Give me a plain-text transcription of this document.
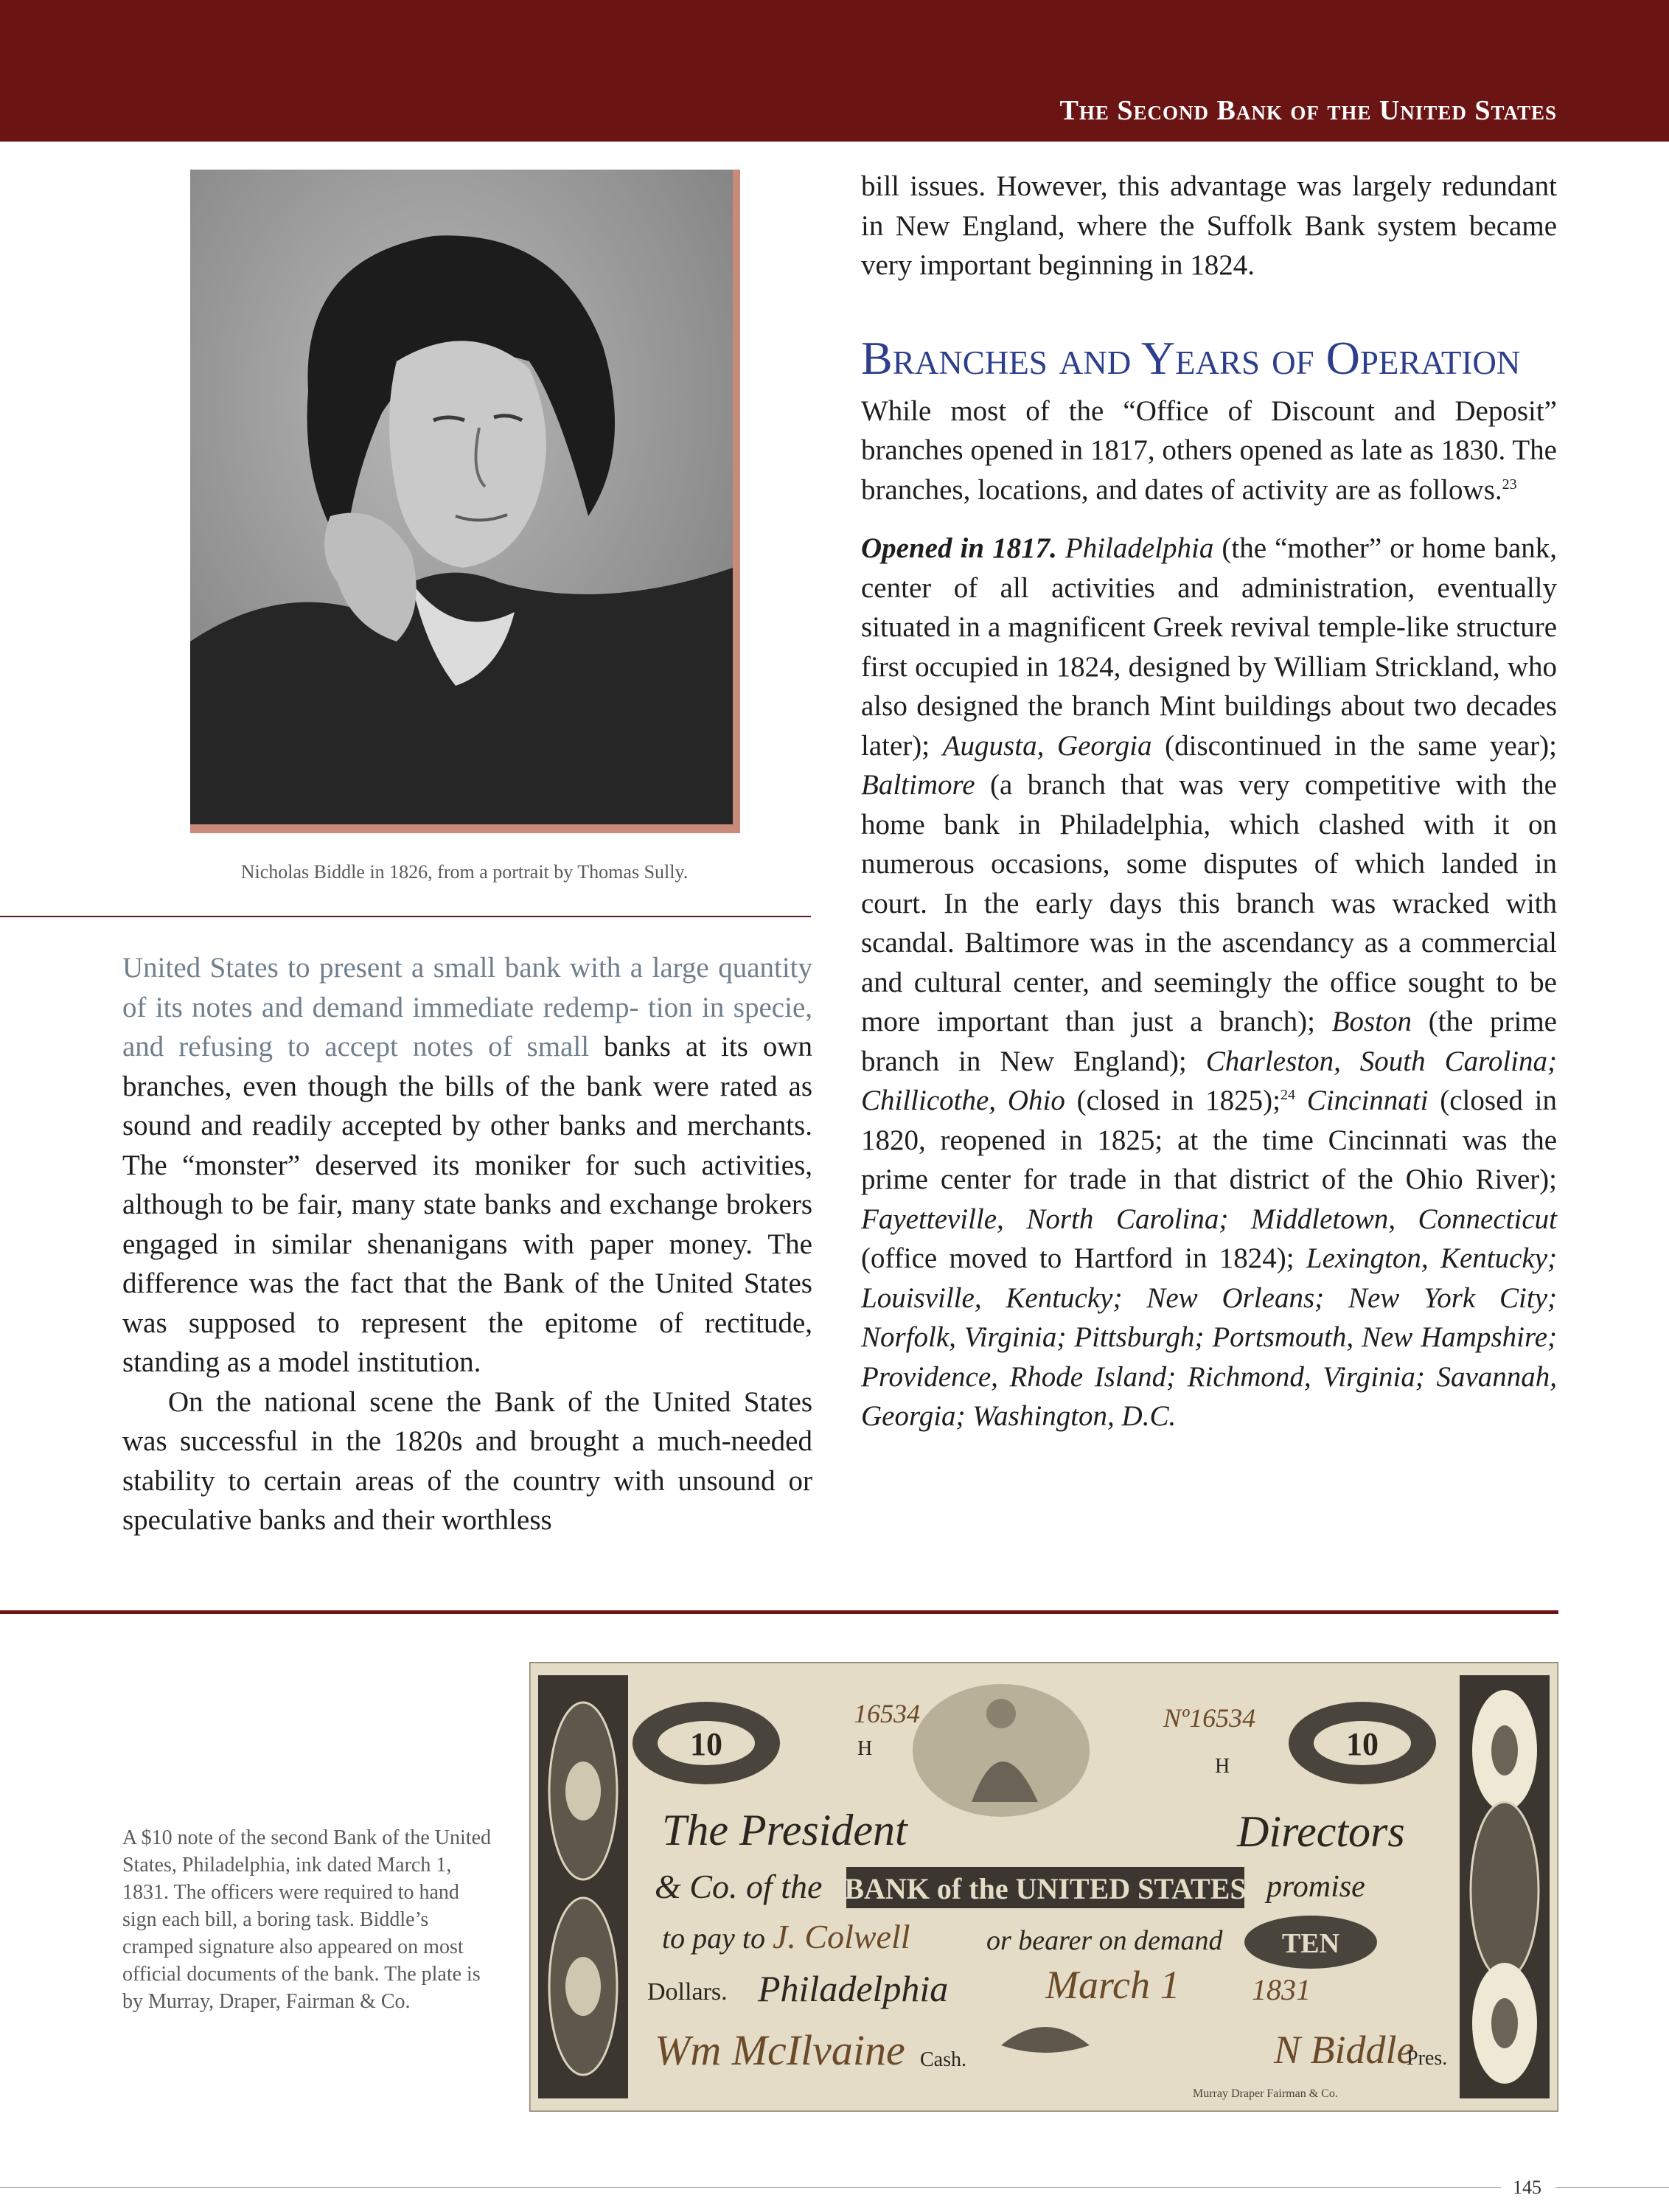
The Second Bank of the United States
Nicholas Biddle in 1826, from a portrait by Thomas Sully.

United States to present a small bank with a large quantity of its notes and demand immediate redemp- tion in specie, and refusing to accept notes of small banks at its own branches, even though the bills of the bank were rated as sound and readily accepted by other banks and merchants. The “monster” deserved its moniker for such activities, although to be fair, many state banks and exchange brokers engaged in similar shenanigans with paper money. The difference was the fact that the Bank of the United States was supposed to represent the epitome of rectitude, standing as a model institution.

On the national scene the Bank of the United States was successful in the 1820s and brought a much-needed stability to certain areas of the country with unsound or speculative banks and their worthless

bill issues. However, this advantage was largely redundant in New England, where the Suffolk Bank system became very important beginning in 1824.

Branches and Years of Operation

While most of the “Office of Discount and Deposit” branches opened in 1817, others opened as late as 1830. The branches, locations, and dates of activity are as follows.$^{23}$

Opened in 1817. Philadelphia (the “mother” or home bank, center of all activities and administration, eventually situated in a magnificent Greek revival temple-like structure first occupied in 1824, designed by William Strickland, who also designed the branch Mint buildings about two decades later); Augusta, Georgia (discontinued in the same year); Baltimore (a branch that was very competitive with the home bank in Philadelphia, which clashed with it on numerous occasions, some disputes of which landed in court. In the early days this branch was wracked with scandal. Baltimore was in the ascendancy as a commercial and cultural center, and seemingly the office sought to be more important than just a branch); Boston (the prime branch in New England); Charleston, South Carolina; Chillicothe, Ohio (closed in 1825);$^{24}$ Cincinnati (closed in 1820, reopened in 1825; at the time Cincinnati was the prime center for trade in that district of the Ohio River); Fayetteville, North Carolina; Middletown, Connecticut (office moved to Hartford in 1824); Lexington, Kentucky; Louisville, Kentucky; New Orleans; New York City; Norfolk, Virginia; Pittsburgh; Portsmouth, New Hampshire; Providence, Rhode Island; Richmond, Virginia; Savannah, Georgia; Washington, D.C.

A $10 note of the second Bank of the United States, Philadelphia, ink dated March 1, 1831. The officers were required to hand sign each bill, a boring task. Biddle’s cramped signature also appeared on most official documents of the bank. The plate is by Murray, Draper, Fairman & Co.
10	10
16534
H
Nº16534
H
The President	Directors
& Co. of the BANK of the UNITED STATES promise
to pay to J. Colwell	or bearer on demand TEN
Dollars. Philadelphia March 1 1831
Wm McIlvaine Cash.	N Biddle
Pres.
Murray Draper Fairman & Co.
145
